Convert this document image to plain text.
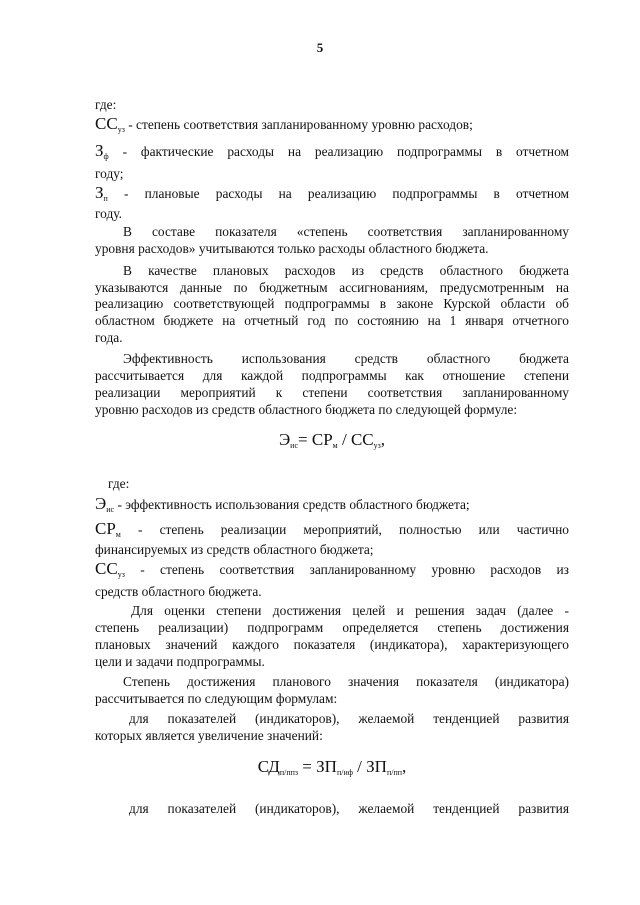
5
где:
$СС_{уз}$ - степень соответствия запланированному уровню расходов;
$З_ф$ - фактические расходы на реализацию подпрограммы в отчетном
году;
$З_п$ - плановые расходы на реализацию подпрограммы в отчетном
году.
В составе показателя «степень соответствия запланированному
уровня расходов» учитываются только расходы областного бюджета.
В качестве плановых расходов из средств областного бюджета
указываются данные по бюджетным ассигнованиям, предусмотренным на
реализацию соответствующей подпрограммы в законе Курской области об
областном бюджете на отчетный год по состоянию на 1 января отчетного
года.
Эффективность использования средств областного бюджета
рассчитывается для каждой подпрограммы как отношение степени
реализации мероприятий к степени соответствия запланированному
уровню расходов из средств областного бюджета по следующей формуле:
$Э_{ис}= СР_м / СС_{уз}$,
где:
$Э_{ис}$ - эффективность использования средств областного бюджета;
$СР_м$ - степень реализации мероприятий, полностью или частично
финансируемых из средств областного бюджета;
$СС_{уз}$ - степень соответствия запланированному уровню расходов из
средств областного бюджета.
Для оценки степени достижения целей и решения задач (далее -
степень реализации) подпрограмм определяется степень достижения
плановых значений каждого показателя (индикатора), характеризующего
цели и задачи подпрограммы.
Степень достижения планового значения показателя (индикатора)
рассчитывается по следующим формулам:
для показателей (индикаторов), желаемой тенденцией развития
которых является увеличение значений:
$СД_{п/ппз} = ЗП_{п/иф} / ЗП_{п/пп}$,
для показателей (индикаторов), желаемой тенденцией развития
